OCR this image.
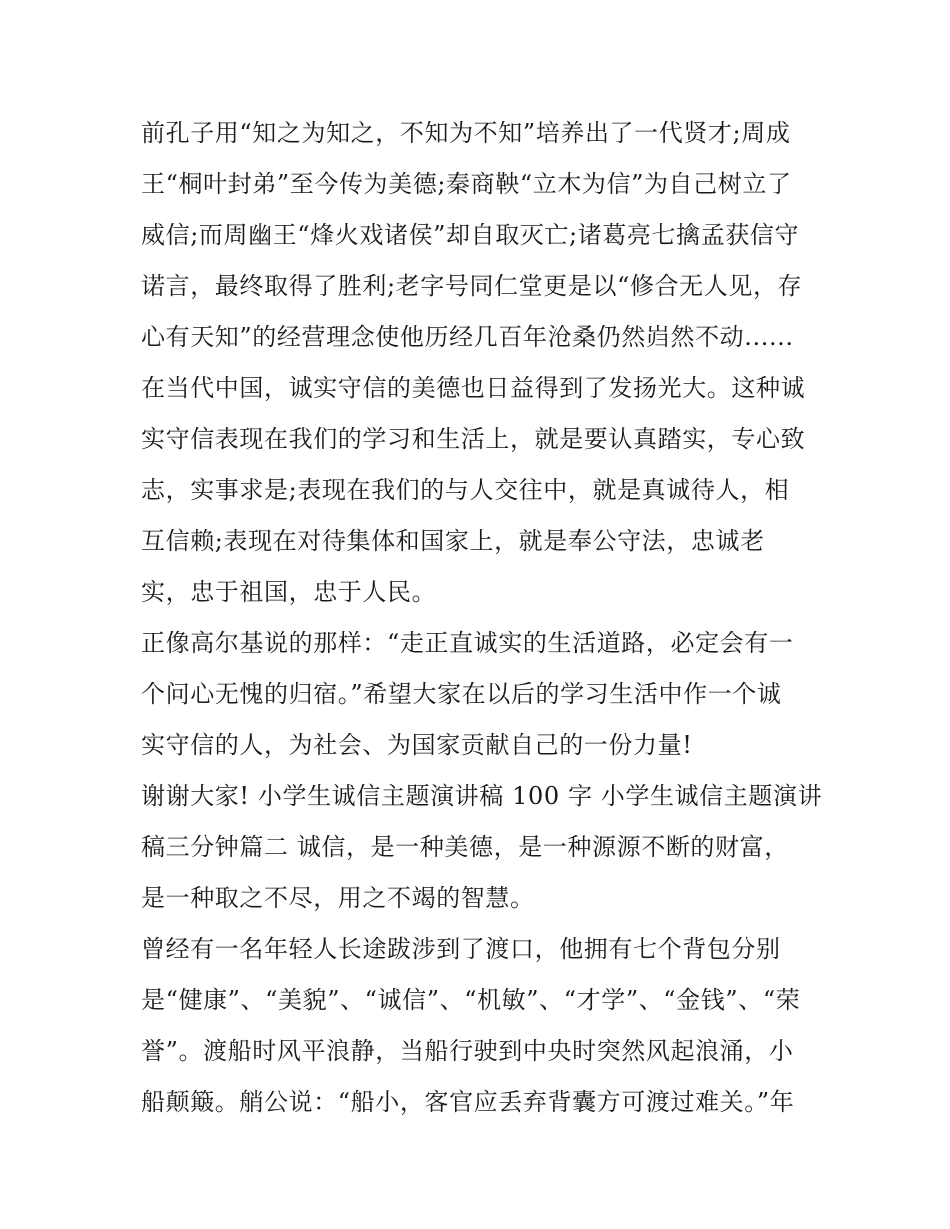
前孔子用“知之为知之，不知为不知”培养出了一代贤才;周成
王“桐叶封弟”至今传为美德;秦商鞅“立木为信”为自己树立了
威信;而周幽王“烽火戏诸侯”却自取灭亡;诸葛亮七擒孟获信守
诺言，最终取得了胜利;老字号同仁堂更是以“修合无人见，存
心有天知”的经营理念使他历经几百年沧桑仍然岿然不动......
在当代中国，诚实守信的美德也日益得到了发扬光大。这种诚
实守信表现在我们的学习和生活上，就是要认真踏实，专心致
志，实事求是;表现在我们的与人交往中，就是真诚待人，相
互信赖;表现在对待集体和国家上，就是奉公守法，忠诚老
实，忠于祖国，忠于人民。
正像高尔基说的那样：“走正直诚实的生活道路，必定会有一
个问心无愧的归宿。”希望大家在以后的学习生活中作一个诚
实守信的人，为社会、为国家贡献自己的一份力量!
谢谢大家! 小学生诚信主题演讲稿 100 字 小学生诚信主题演讲
稿三分钟篇二 诚信，是一种美德，是一种源源不断的财富，
是一种取之不尽，用之不竭的智慧。
曾经有一名年轻人长途跋涉到了渡口，他拥有七个背包分别
是“健康”、“美貌”、“诚信”、“机敏”、“才学”、“金钱”、“荣
誉”。渡船时风平浪静，当船行驶到中央时突然风起浪涌，小
船颠簸。艄公说：“船小，客官应丢弃背囊方可渡过难关。”年
